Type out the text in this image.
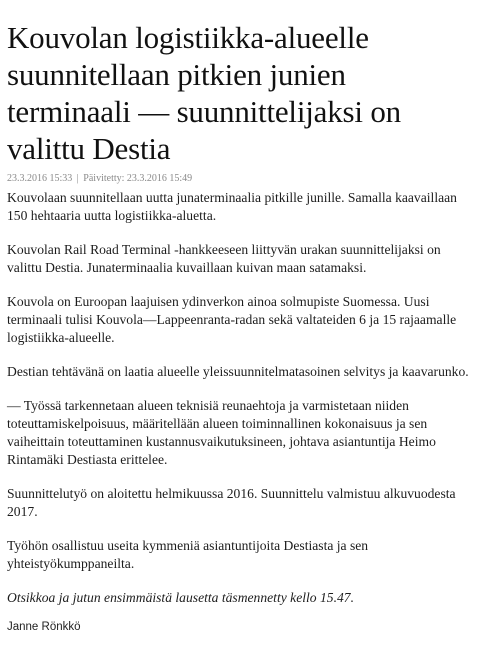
Kouvolan logistiikka-alueelle suunnitellaan pitkien junien terminaali — suunnittelijaksi on valittu Destia
23.3.2016 15:33 | Päivitetty: 23.3.2016 15:49

Kouvolaan suunnitellaan uutta junaterminaalia pitkille junille. Samalla kaavaillaan 150 hehtaaria uutta logistiikka-aluetta.

Kouvolan Rail Road Terminal -hankkeeseen liittyvän urakan suunnittelijaksi on valittu Destia. Junaterminaalia kuvaillaan kuivan maan satamaksi.

Kouvola on Euroopan laajuisen ydinverkon ainoa solmupiste Suomessa. Uusi terminaali tulisi Kouvola—Lappeenranta-radan sekä valtateiden 6 ja 15 rajaamalle logistiikka-alueelle.

Destian tehtävänä on laatia alueelle yleissuunnitelmatasoinen selvitys ja kaavarunko.

— Työssä tarkennetaan alueen teknisiä reunaehtoja ja varmistetaan niiden toteuttamiskelpoisuus, määritellään alueen toiminnallinen kokonaisuus ja sen vaiheittain toteuttaminen kustannusvaikutuksineen, johtava asiantuntija Heimo Rintamäki Destiasta erittelee.

Suunnittelutyö on aloitettu helmikuussa 2016. Suunnittelu valmistuu alkuvuodesta 2017.

Työhön osallistuu useita kymmeniä asiantuntijoita Destiasta ja sen yhteistyökumppaneilta.

Otsikkoa ja jutun ensimmäistä lausetta täsmennetty kello 15.47.

Janne Rönkkö
